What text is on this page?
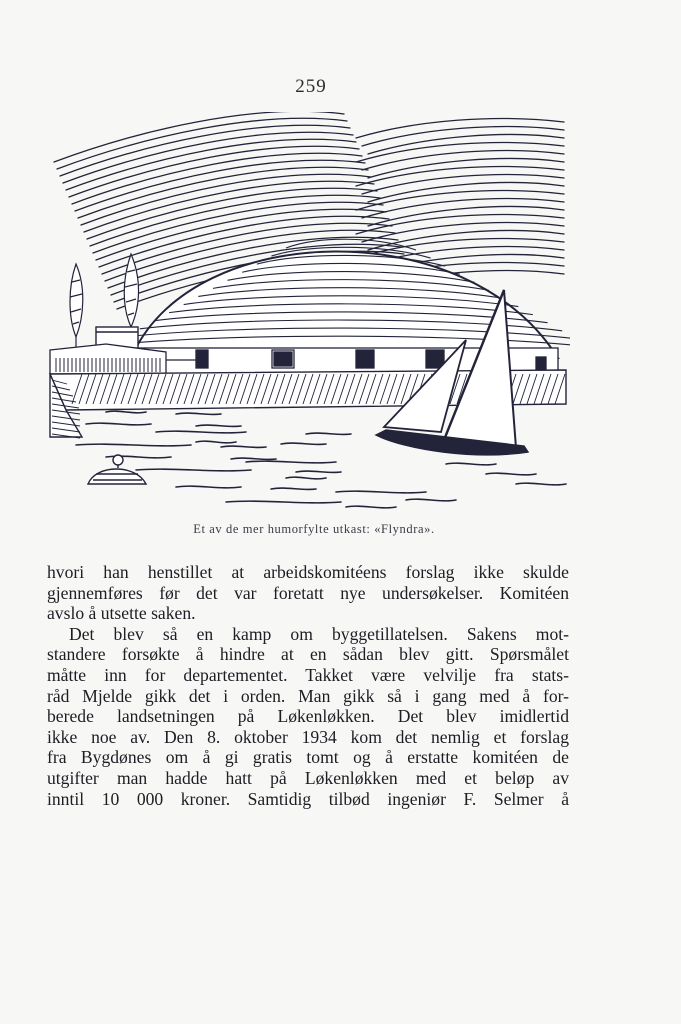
259
Et av de mer humorfylte utkast: «Flyndra».
hvori han henstillet at arbeidskomitéens forslag ikke skulde
gjennemføres før det var foretatt nye undersøkelser. Komitéen
avslo å utsette saken.
Det blev så en kamp om byggetillatelsen. Sakens mot-
standere forsøkte å hindre at en sådan blev gitt. Spørsmålet
måtte inn for departementet. Takket være velvilje fra stats-
råd Mjelde gikk det i orden. Man gikk så i gang med å for-
berede landsetningen på Løkenløkken. Det blev imidlertid
ikke noe av. Den 8. oktober 1934 kom det nemlig et forslag
fra Bygdønes om å gi gratis tomt og å erstatte komitéen de
utgifter man hadde hatt på Løkenløkken med et beløp av
inntil 10 000 kroner. Samtidig tilbød ingeniør F. Selmer å
